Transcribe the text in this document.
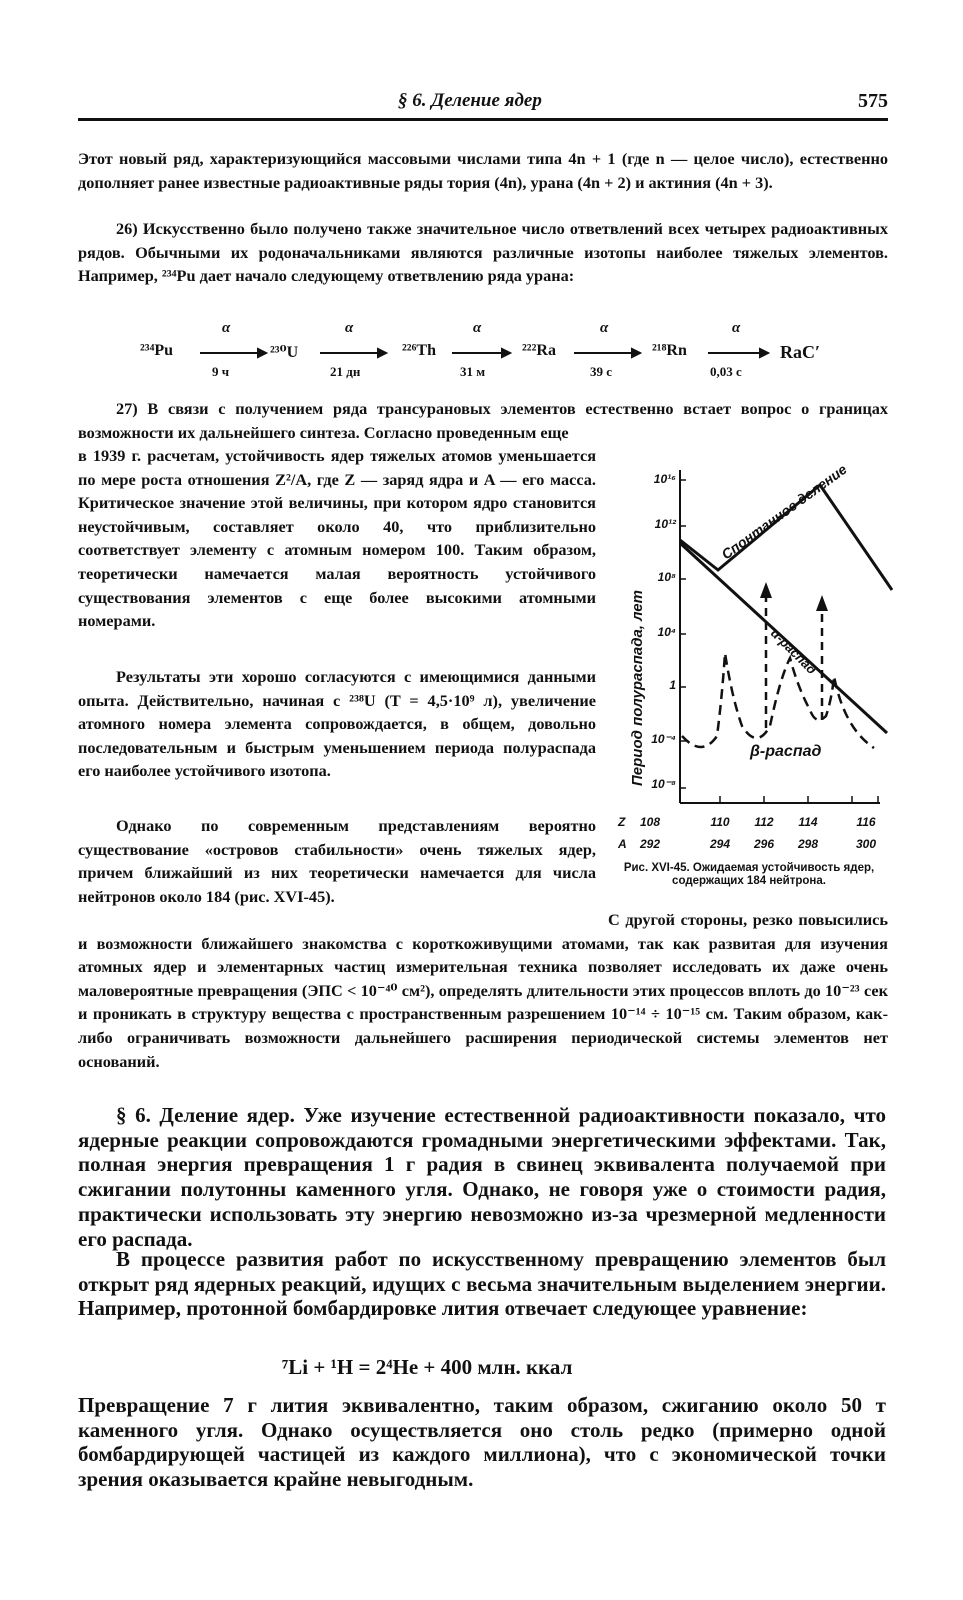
§ 6. Деление ядер	575

Этот новый ряд, характеризующийся массовыми числами типа 4n + 1 (где n — целое число), естественно дополняет ранее известные радиоактивные ряды тория (4n), урана (4n + 2) и актиния (4n + 3).

26) Искусственно было получено также значительное число ответвлений всех четырех радиоактивных рядов. Обычными их родоначальниками являются различные изотопы наиболее тяжелых элементов. Например, ²³⁴Pu дает начало следующему ответвлению ряда урана:

²³⁴Pu
α
9 ч
²³⁰U
α
21 дн
²²⁶Th
α
31 м
²²²Ra
α
39 с
²¹⁸Rn
α
0,03 с
RaC′

27) В связи с получением ряда трансурановых элементов естественно встает вопрос о границах возможности их дальнейшего синтеза. Согласно проведенным еще

в 1939 г. расчетам, устойчивость ядер тяжелых атомов уменьшается по мере роста отношения Z²/A, где Z — заряд ядра и A — его масса. Критическое значение этой величины, при котором ядро становится неустойчивым, составляет около 40, что приблизительно соответствует элементу с атомным номером 100. Таким образом, теоретически намечается малая вероятность устойчивого существования элементов с еще более высокими атомными номерами.

Результаты эти хорошо согласуются с имеющимися данными опыта. Действительно, начиная с ²³⁸U (T = 4,5·10⁹ л), увеличение атомного номера элемента сопровождается, в общем, довольно последовательным и быстрым уменьшением периода полураспада его наиболее устойчивого изотопа.

Однако по современным представлениям вероятно существование «островов стабильности» очень тяжелых ядер, причем ближайший из них теоретически намечается для числа нейтронов около 184 (рис. XVI-45).

С другой стороны, резко повысились и возможности ближайшего знакомства с короткоживущими атомами, так как развитая для изучения атомных ядер и элементарных частиц измерительная техника позволяет исследовать их даже очень маловероятные превращения (ЭПС < 10⁻⁴⁰ см²), определять длительности этих процессов вплоть до 10⁻²³ сек и проникать в структуру вещества с пространственным разрешением 10⁻¹⁴ ÷ 10⁻¹⁵ см. Таким образом, как-либо ограничивать возможности дальнейшего расширения периодической системы элементов нет оснований.

Период полураспада, лет
10¹⁶
10¹²
10⁸
10⁴
1
10⁻⁴
10⁻⁸
Z
A
108	110 112 114	116
292	294 296 298	300
Спонтанное деление
α-распад
β-распад

Рис. XVI-45. Ожидаемая устойчивость ядер, содержащих 184 нейтрона.

§ 6. Деление ядер. Уже изучение естественной радиоактивности показало, что ядерные реакции сопровождаются громадными энергетическими эффектами. Так, полная энергия превращения 1 г радия в свинец эквивалента получаемой при сжигании полутонны каменного угля. Однако, не говоря уже о стоимости радия, практически использовать эту энергию невозможно из-за чрезмерной медленности его распада.

В процессе развития работ по искусственному превращению элементов был открыт ряд ядерных реакций, идущих с весьма значительным выделением энергии. Например, протонной бомбардировке лития отвечает следующее уравнение:

⁷Li + ¹H = 2⁴He + 400 млн. ккал

Превращение 7 г лития эквивалентно, таким образом, сжиганию около 50 т каменного угля. Однако осуществляется оно столь редко (примерно одной бомбардирующей частицей из каждого миллиона), что с экономической точки зрения оказывается крайне невыгодным.
